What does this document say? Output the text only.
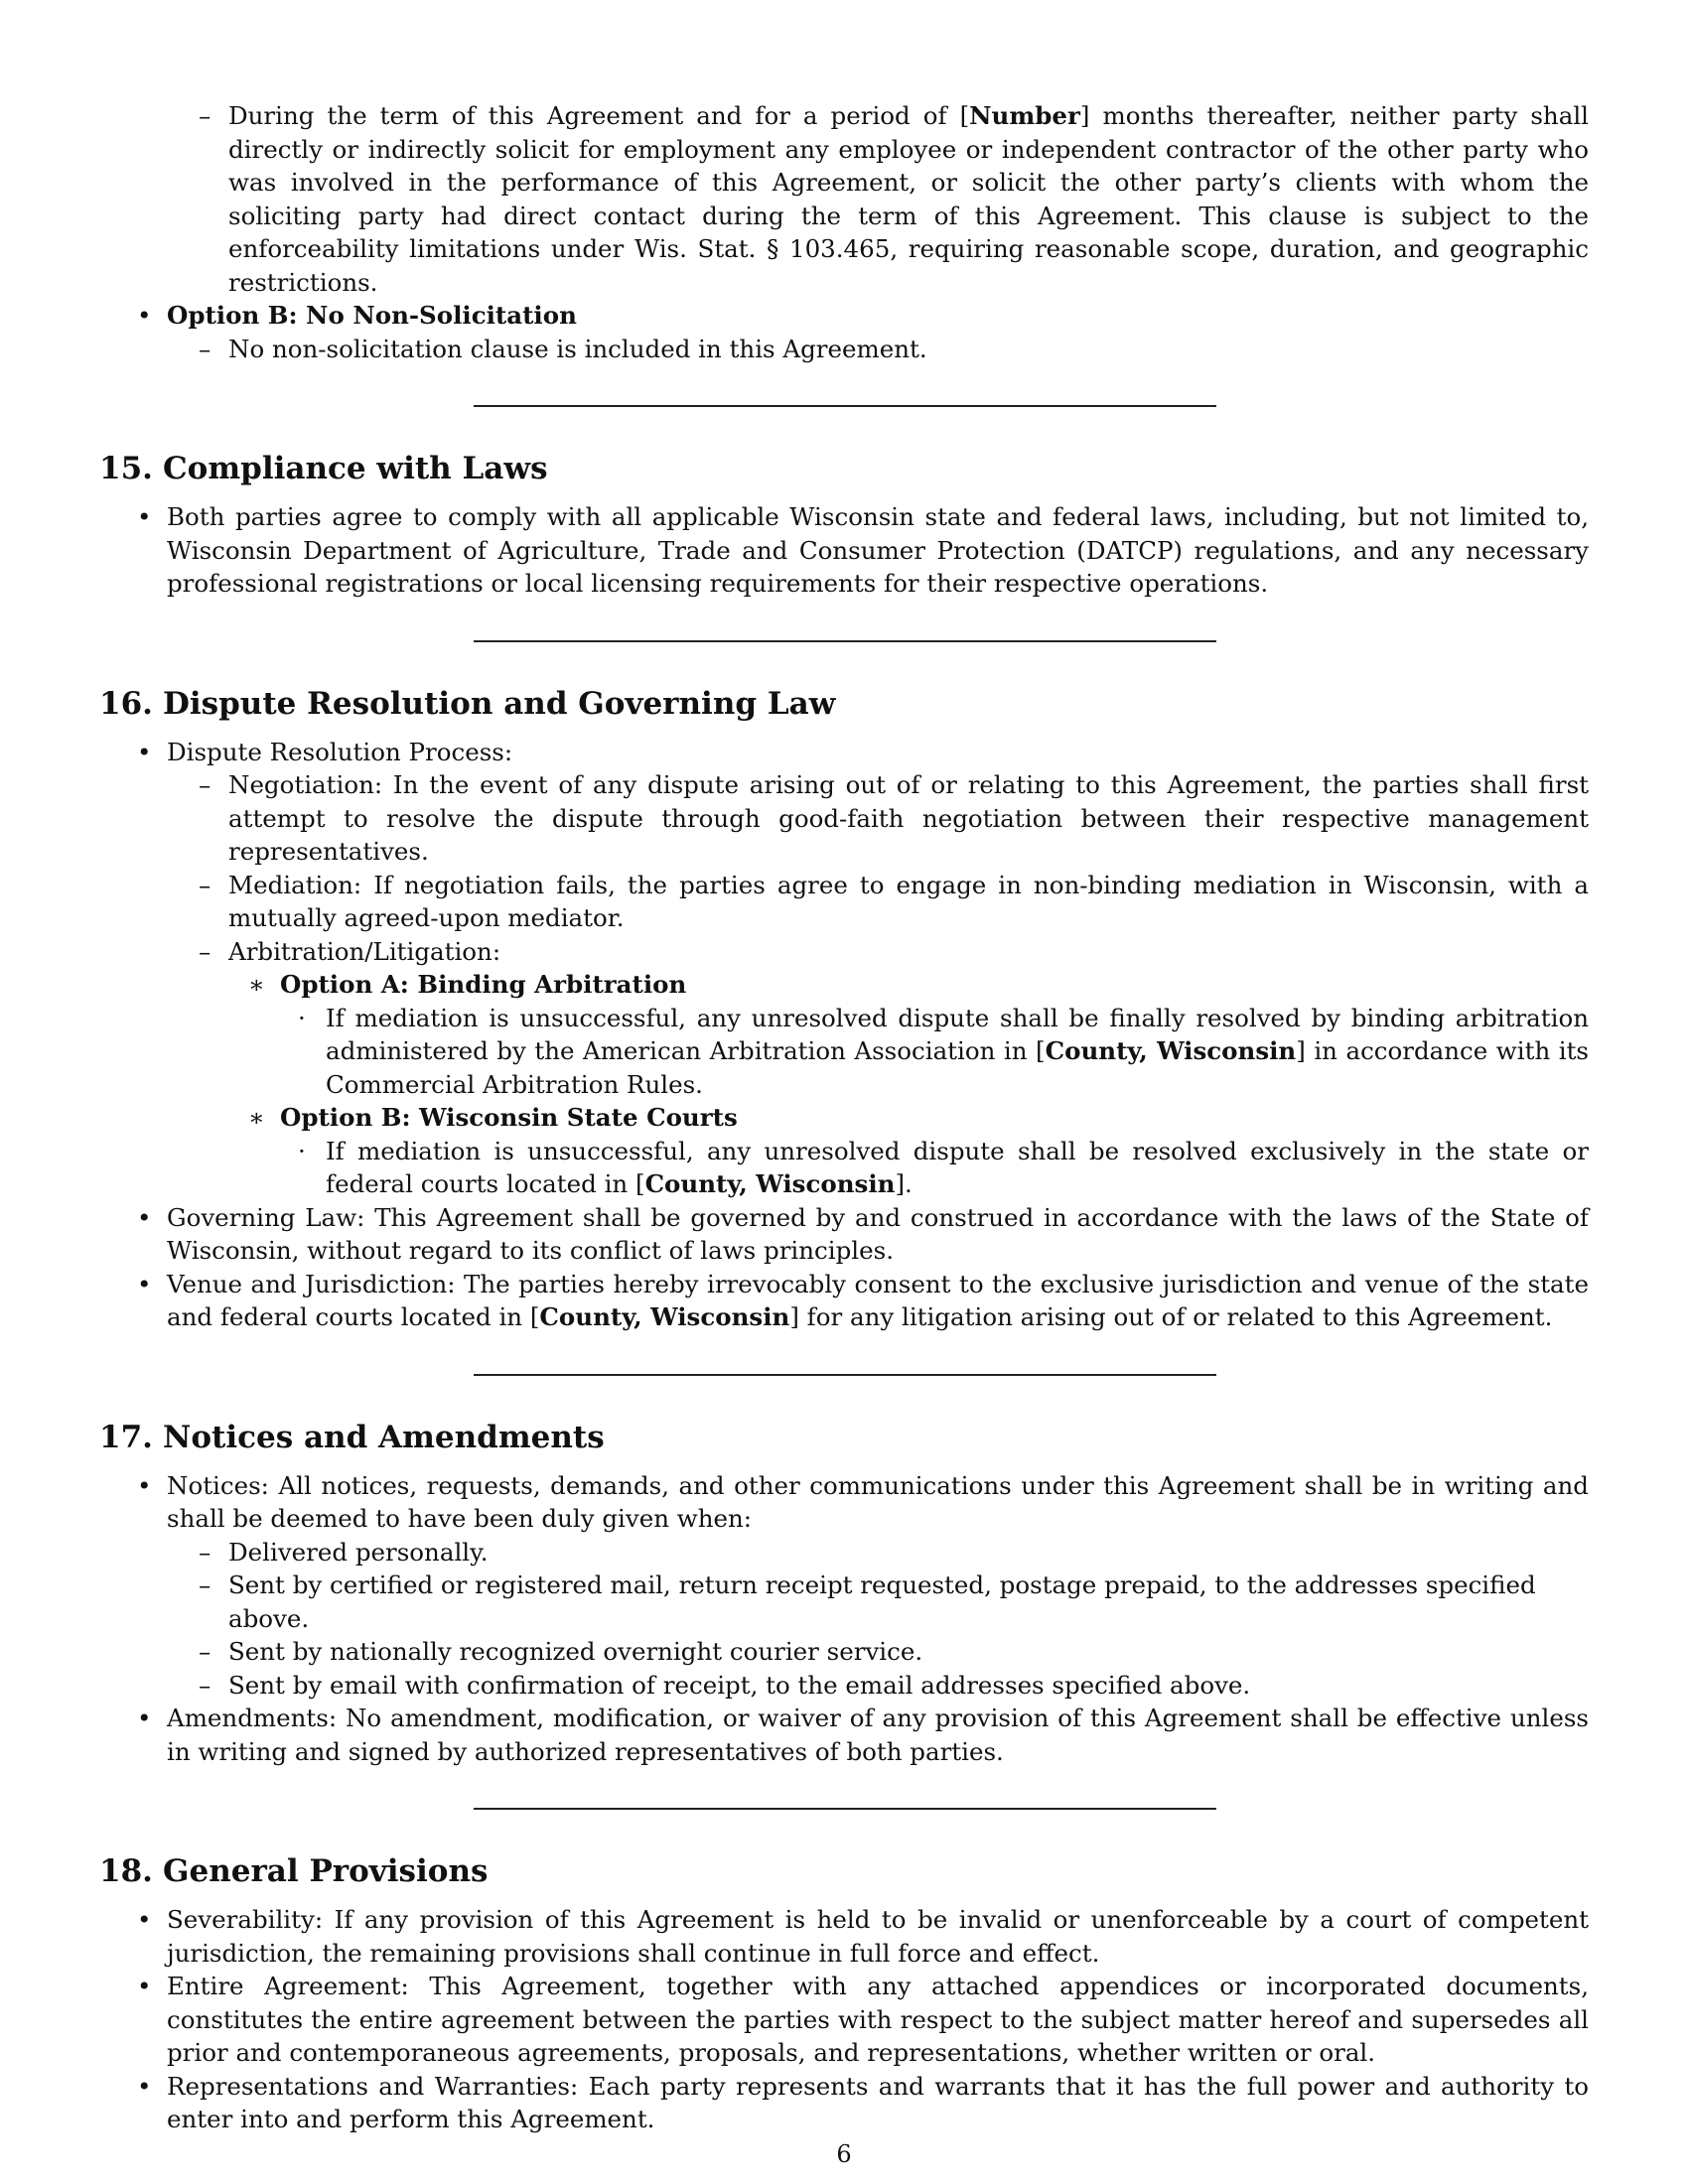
– During the term of this Agreement and for a period of [Number] months thereafter, neither party shall directly or indirectly solicit for employment any employee or independent contractor of the other party who was involved in the performance of this Agreement, or solicit the other party’s clients with whom the soliciting party had direct contact during the term of this Agreement. This clause is subject to the enforceability limitations under Wis. Stat. § 103.465, requiring reasonable scope, duration, and geographic restrictions.
• Option B: No Non-Solicitation
– No non-solicitation clause is included in this Agreement.
15. Compliance with Laws
• Both parties agree to comply with all applicable Wisconsin state and federal laws, including, but not limited to, Wisconsin Department of Agriculture, Trade and Consumer Protection (DATCP) regulations, and any necessary professional registrations or local licensing requirements for their respective operations.
16. Dispute Resolution and Governing Law
• Dispute Resolution Process:
– Negotiation: In the event of any dispute arising out of or relating to this Agreement, the parties shall first attempt to resolve the dispute through good-faith negotiation between their respective management representatives.
– Mediation: If negotiation fails, the parties agree to engage in non-binding mediation in Wisconsin, with a mutually agreed-upon mediator.
– Arbitration/Litigation:
∗ Option A: Binding Arbitration
· If mediation is unsuccessful, any unresolved dispute shall be finally resolved by binding arbitration administered by the American Arbitration Association in [County, Wisconsin] in accordance with its Commercial Arbitration Rules.
∗ Option B: Wisconsin State Courts
· If mediation is unsuccessful, any unresolved dispute shall be resolved exclusively in the state or federal courts located in [County, Wisconsin].
• Governing Law: This Agreement shall be governed by and construed in accordance with the laws of the State of Wisconsin, without regard to its conflict of laws principles.
• Venue and Jurisdiction: The parties hereby irrevocably consent to the exclusive jurisdiction and venue of the state and federal courts located in [County, Wisconsin] for any litigation arising out of or related to this Agreement.
17. Notices and Amendments
• Notices: All notices, requests, demands, and other communications under this Agreement shall be in writing and shall be deemed to have been duly given when:
– Delivered personally.
– Sent by certified or registered mail, return receipt requested, postage prepaid, to the addresses specified above.
– Sent by nationally recognized overnight courier service.
– Sent by email with confirmation of receipt, to the email addresses specified above.
• Amendments: No amendment, modification, or waiver of any provision of this Agreement shall be effective unless in writing and signed by authorized representatives of both parties.
18. General Provisions
• Severability: If any provision of this Agreement is held to be invalid or unenforceable by a court of competent jurisdiction, the remaining provisions shall continue in full force and effect.
• Entire Agreement: This Agreement, together with any attached appendices or incorporated documents, constitutes the entire agreement between the parties with respect to the subject matter hereof and supersedes all prior and contemporaneous agreements, proposals, and representations, whether written or oral.
• Representations and Warranties: Each party represents and warrants that it has the full power and authority to enter into and perform this Agreement.
6
